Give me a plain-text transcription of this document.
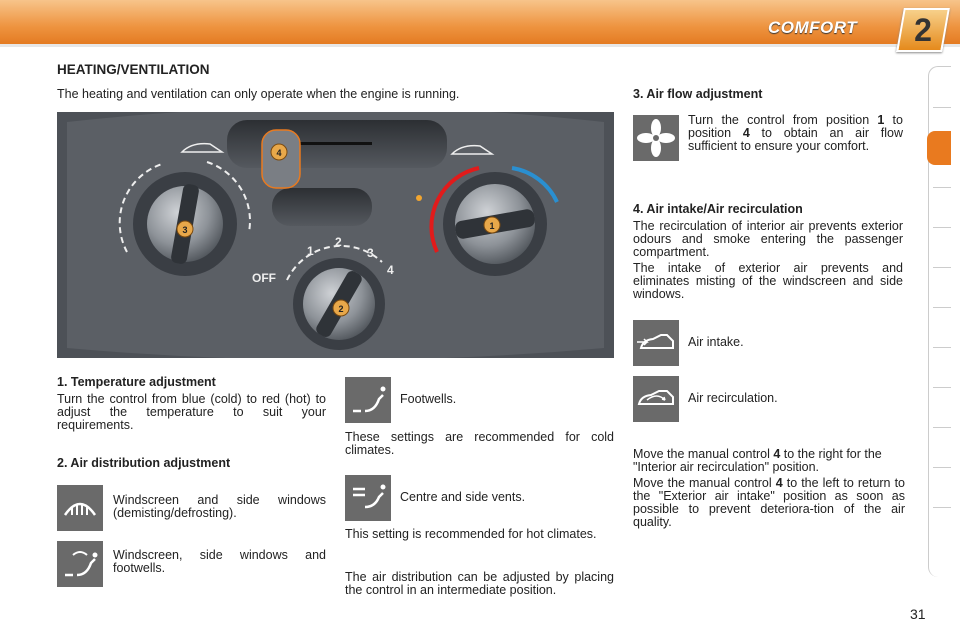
COMFORT	2
HEATING/VENTILATION
The heating and ventilation can only operate when the engine is running.
3	1
2
OFF
1
2
3
4
4
1. Temperature adjustment
Turn the control from blue (cold) to red (hot) to adjust the temperature to suit your requirements.
2. Air distribution adjustment
Windscreen and side windows (demisting/defrosting).
Windscreen, side windows and footwells.
Footwells.
These settings are recommended for cold climates.
Centre and side vents.
This setting is recommended for hot climates.
The air distribution can be adjusted by placing the control in an intermediate position.
3. Air flow adjustment
Turn the control from position 1 to position 4 to obtain an air flow sufficient to ensure your comfort.
4. Air intake/Air recirculation
The recirculation of interior air prevents exterior odours and smoke entering the passenger compartment.
The intake of exterior air prevents and eliminates misting of the windscreen and side windows.
Air intake.
Air recirculation.
Move the manual control 4 to the right for the "Interior air recirculation" position.
Move the manual control 4 to the left to return to the "Exterior air intake" position as soon as possible to prevent deteriora-tion of the air quality.
31
